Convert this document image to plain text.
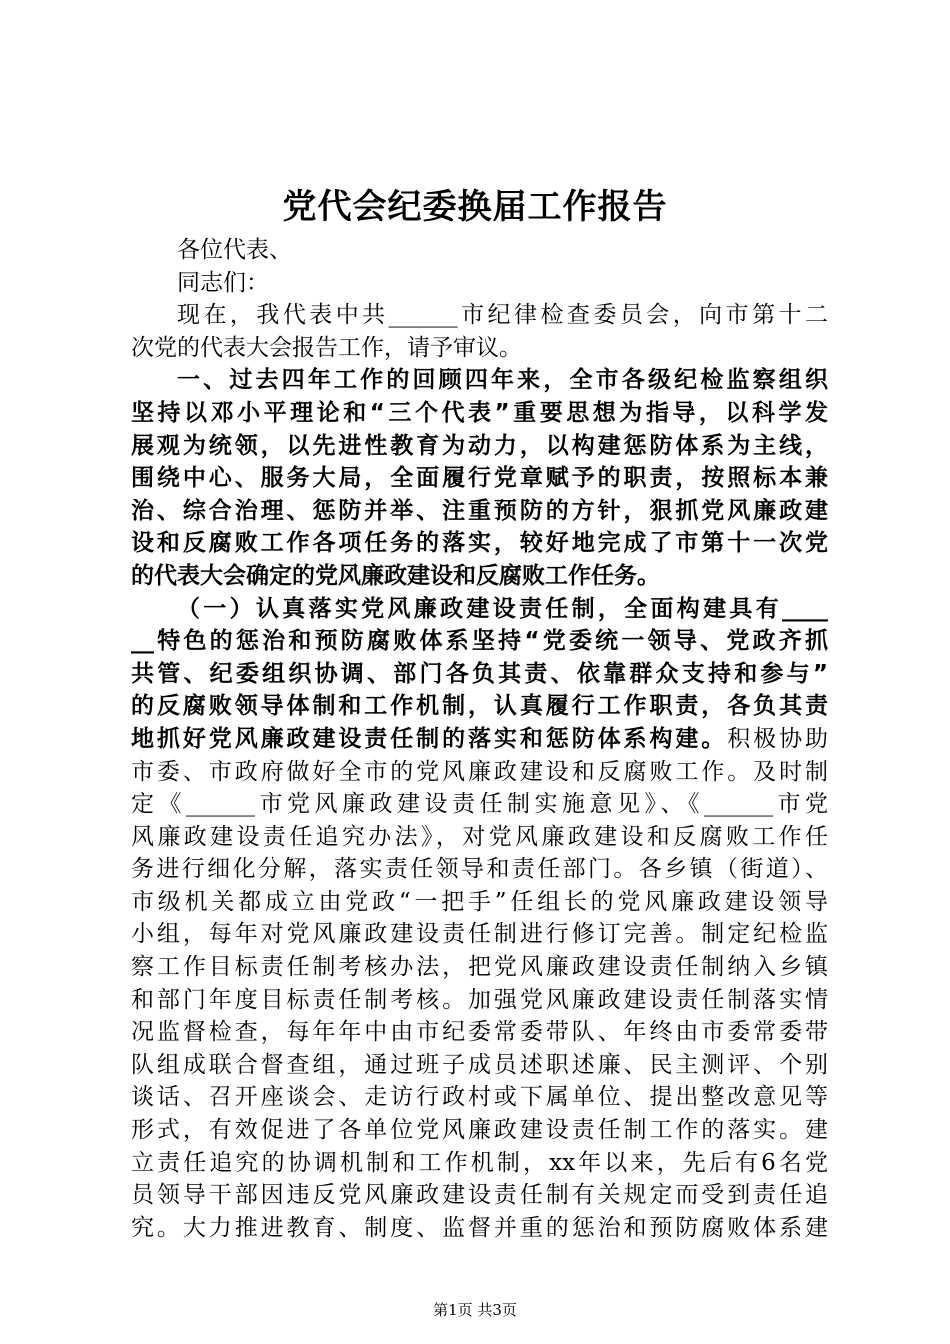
党代会纪委换届工作报告
各位代表、
同志们：
现在，我代表中共______市纪律检查委员会，向市第十二
次党的代表大会报告工作，请予审议。
一、过去四年工作的回顾四年来，全市各级纪检监察组织
坚持以邓小平理论和“三个代表”重要思想为指导，以科学发
展观为统领，以先进性教育为动力，以构建惩防体系为主线，
围绕中心、服务大局，全面履行党章赋予的职责，按照标本兼
治、综合治理、惩防并举、注重预防的方针，狠抓党风廉政建
设和反腐败工作各项任务的落实，较好地完成了市第十一次党
的代表大会确定的党风廉政建设和反腐败工作任务。
（一）认真落实党风廉政建设责任制，全面构建具有____
__特色的惩治和预防腐败体系坚持“党委统一领导、党政齐抓
共管、纪委组织协调、部门各负其责、依靠群众支持和参与”
的反腐败领导体制和工作机制，认真履行工作职责，各负其责
地抓好党风廉政建设责任制的落实和惩防体系构建。积极协助
市委、市政府做好全市的党风廉政建设和反腐败工作。及时制
定《______市党风廉政建设责任制实施意见》、《______市党
风廉政建设责任追究办法》，对党风廉政建设和反腐败工作任
务进行细化分解，落实责任领导和责任部门。各乡镇（街道）、
市级机关都成立由党政“一把手”任组长的党风廉政建设领导
小组，每年对党风廉政建设责任制进行修订完善。制定纪检监
察工作目标责任制考核办法，把党风廉政建设责任制纳入乡镇
和部门年度目标责任制考核。加强党风廉政建设责任制落实情
况监督检查，每年年中由市纪委常委带队、年终由市委常委带
队组成联合督查组，通过班子成员述职述廉、民主测评、个别
谈话、召开座谈会、走访行政村或下属单位、提出整改意见等
形式，有效促进了各单位党风廉政建设责任制工作的落实。建
立责任追究的协调机制和工作机制，xx年以来，先后有6名党
员领导干部因违反党风廉政建设责任制有关规定而受到责任追
究。大力推进教育、制度、监督并重的惩治和预防腐败体系建
第1页 共3页
